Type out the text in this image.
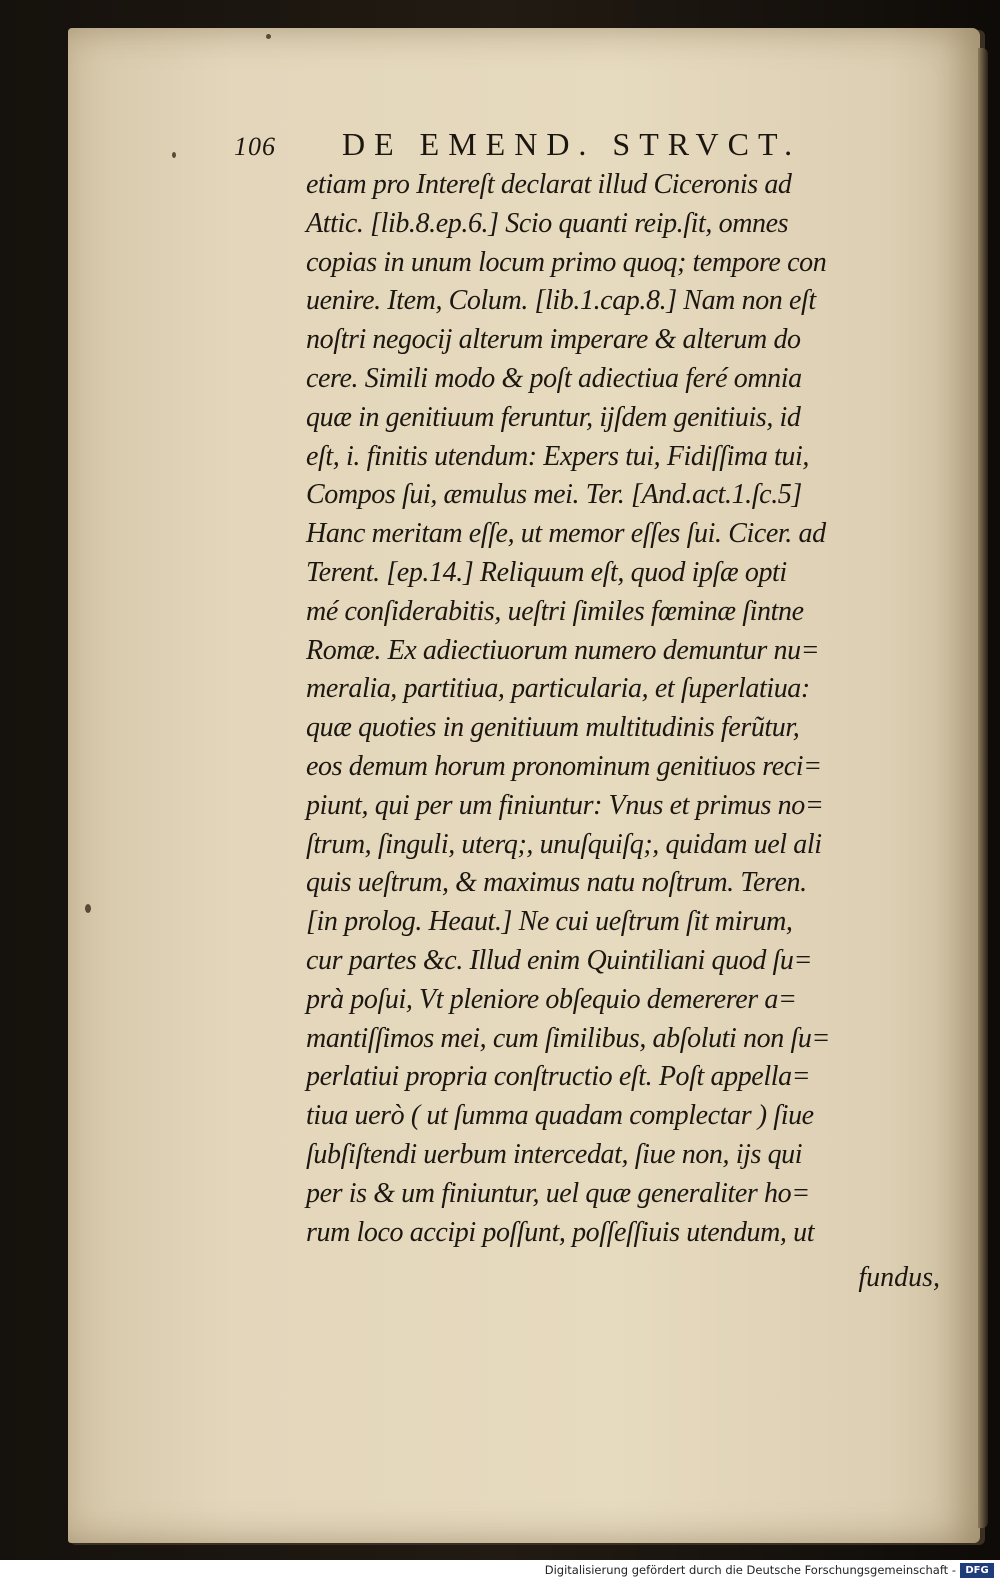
106 DE EMEND. STRVCT.
etiam pro Intereſt declarat illud Ciceronis ad
Attic. [lib.8.ep.6.] Scio quanti reip.ſit, omnes
copias in unum locum primo quoq; tempore con
uenire. Item, Colum. [lib.1.cap.8.] Nam non eſt
noſtri negocij alterum imperare & alterum do
cere. Simili modo & poſt adiectiua feré omnia
quæ in genitiuum feruntur, ijſdem genitiuis, id
eſt, i. finitis utendum: Expers tui, Fidiſſima tui,
Compos ſui, æmulus mei. Ter. [And.act.1.ſc.5]
Hanc meritam eſſe, ut memor eſſes ſui. Cicer. ad
Terent. [ep.14.] Reliquum eſt, quod ipſæ opti
mé conſiderabitis, ueſtri ſimiles fœminæ ſintne
Romæ. Ex adiectiuorum numero demuntur nu=
meralia, partitiua, particularia, et ſuperlatiua:
quæ quoties in genitiuum multitudinis ferũtur,
eos demum horum pronominum genitiuos reci=
piunt, qui per um finiuntur: Vnus et primus no=
ſtrum, ſinguli, uterq;, unuſquiſq;, quidam uel ali
quis ueſtrum, & maximus natu noſtrum. Teren.
[in prolog. Heaut.] Ne cui ueſtrum ſit mirum,
cur partes &c. Illud enim Quintiliani quod ſu=
prà poſui, Vt pleniore obſequio demererer a=
mantiſſimos mei, cum ſimilibus, abſoluti non ſu=
perlatiui propria conſtructio eſt. Poſt appella=
tiua uerò ( ut ſumma quadam complectar ) ſiue
ſubſiſtendi uerbum intercedat, ſiue non, ijs qui
per is & um finiuntur, uel quæ generaliter ho=
rum loco accipi poſſunt, poſſeſſiuis utendum, ut
fundus,
Digitalisierung gefördert durch die Deutsche Forschungsgemeinschaft - DFG
